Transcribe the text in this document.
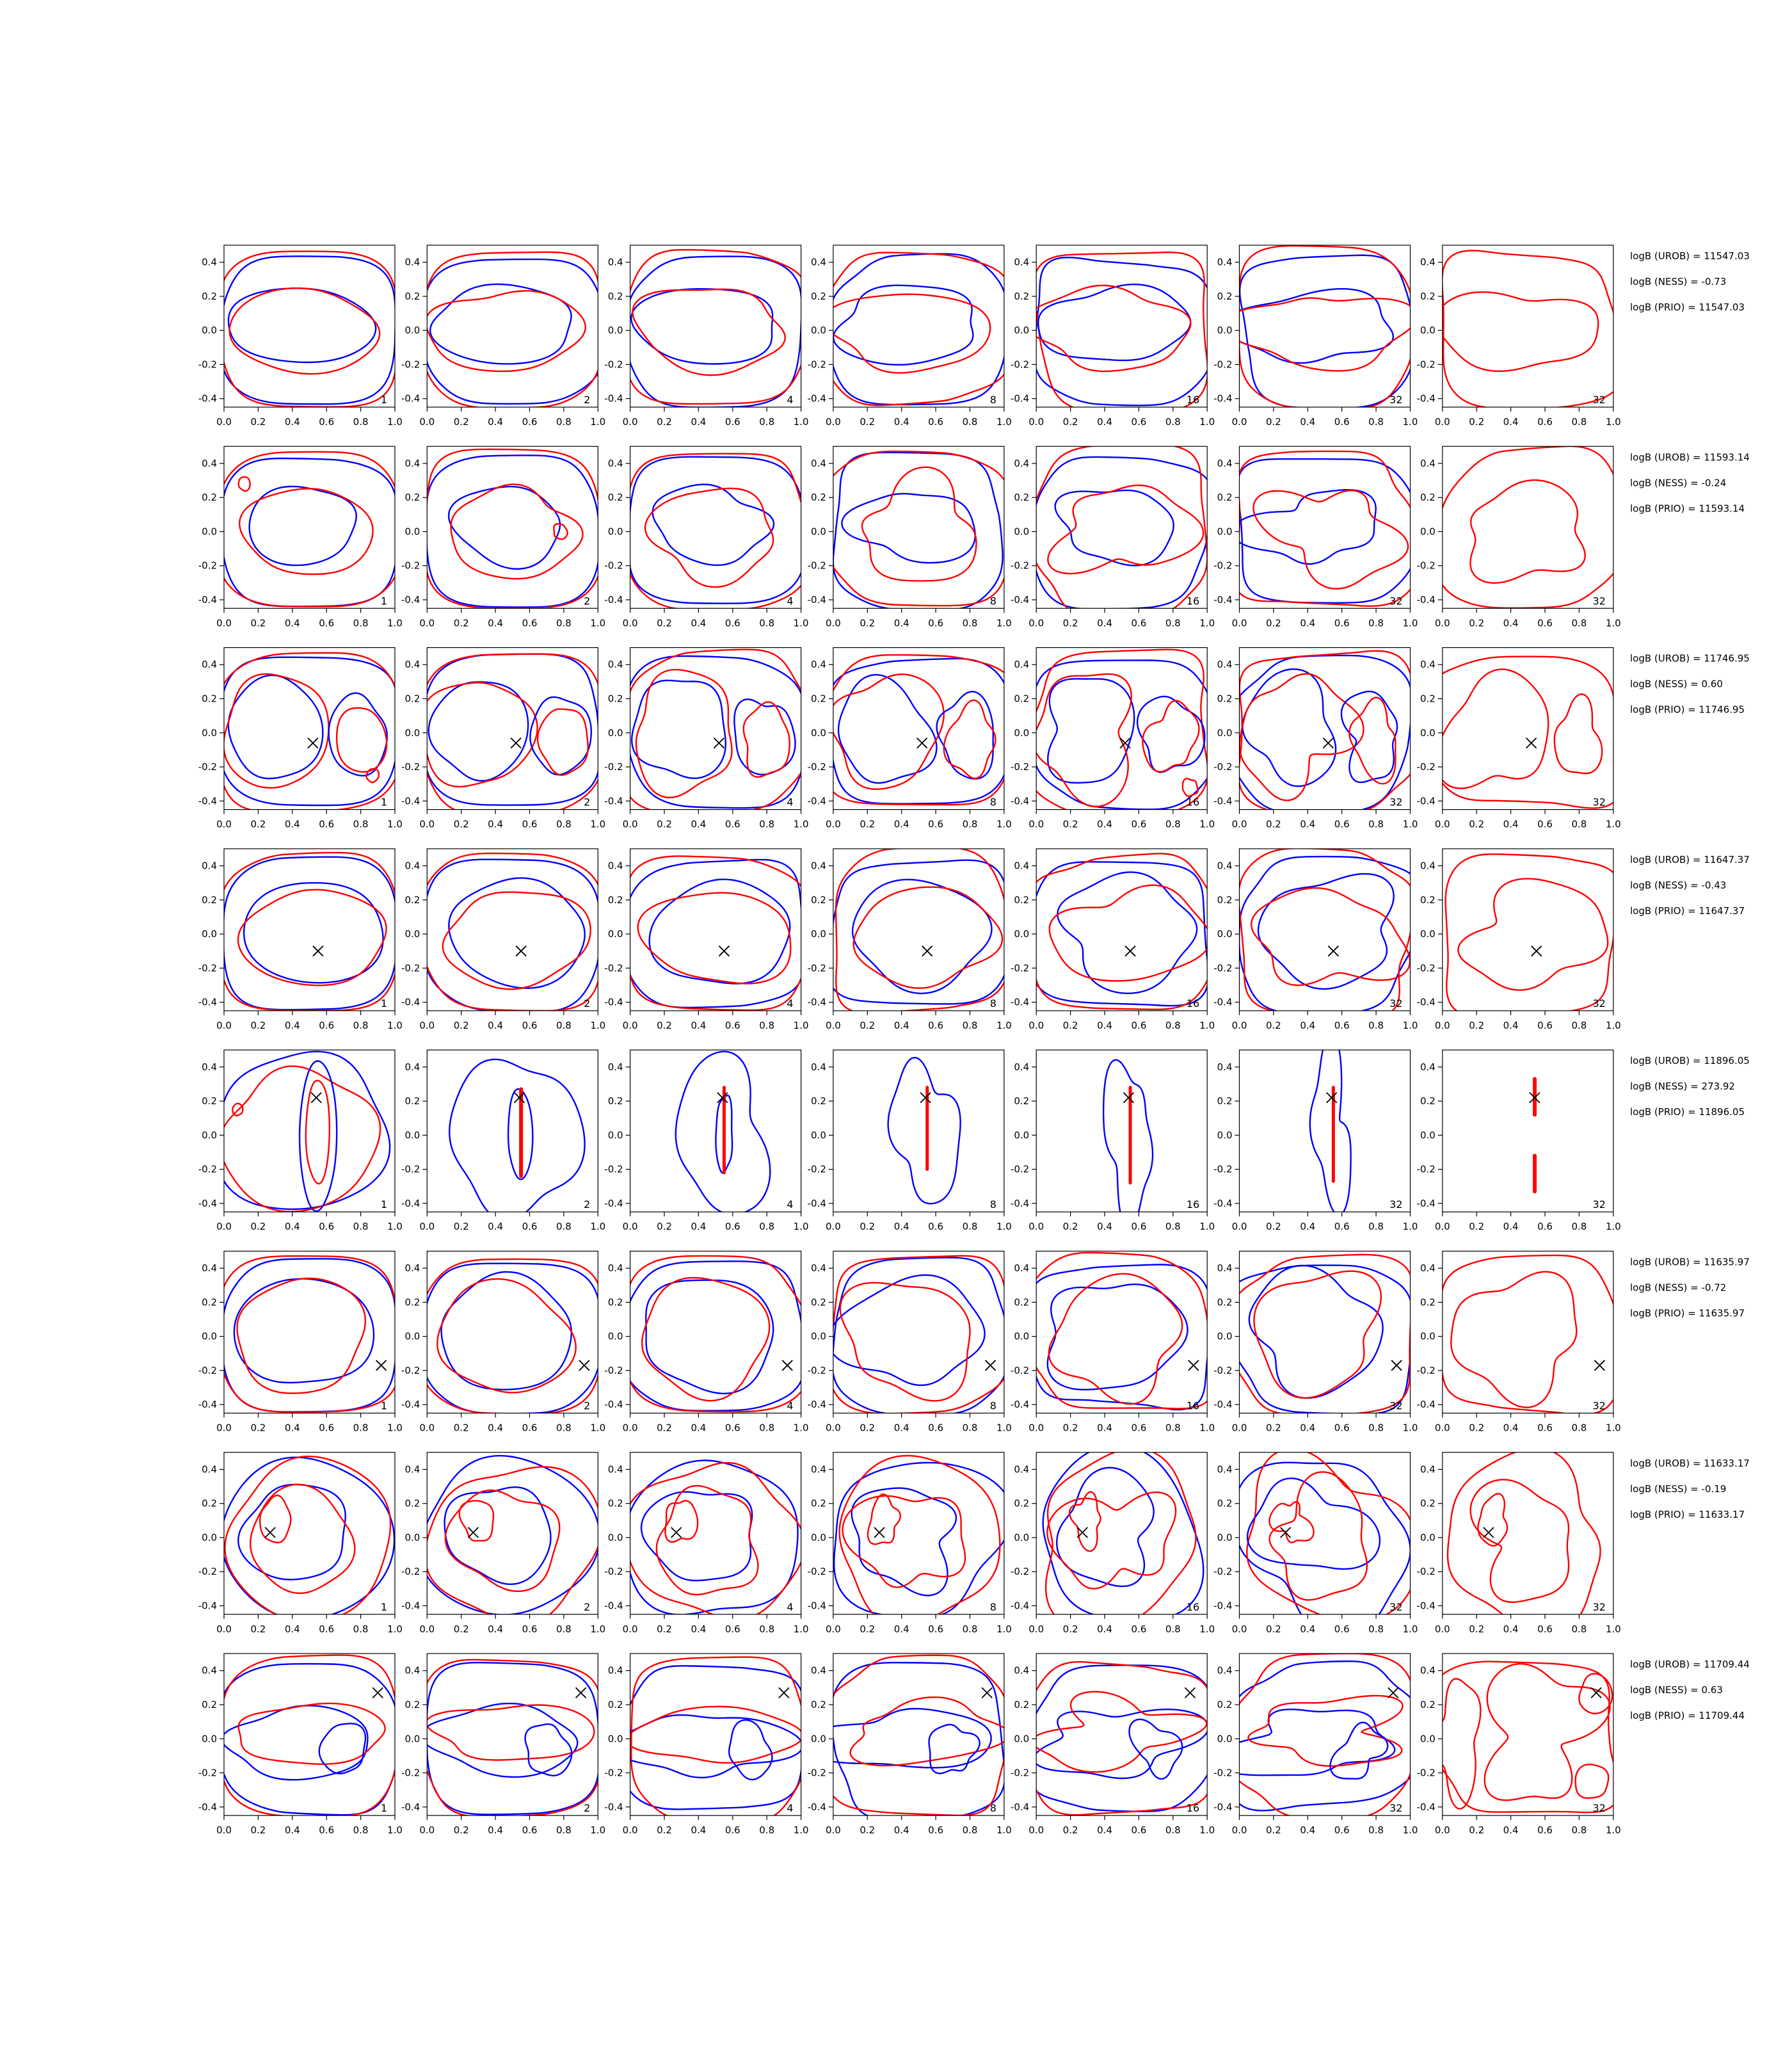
0.0 0.2 0.4 0.6 0.8 1.0
0.4
0.2
0.0
-0.2
-0.4	1
0.0 0.2 0.4 0.6 0.8 1.0
0.4
0.2
0.0
-0.2
-0.4	2
0.0 0.2 0.4 0.6 0.8 1.0
0.4
0.2
0.0
-0.2
-0.4	4
0.0 0.2 0.4 0.6 0.8 1.0
0.4
0.2
0.0
-0.2
-0.4	8
0.0 0.2 0.4 0.6 0.8 1.0
0.4
0.2
0.0
-0.2
-0.4	16
0.0 0.2 0.4 0.6 0.8 1.0
0.4
0.2
0.0
-0.2
-0.4	32
0.0 0.2 0.4 0.6 0.8 1.0
0.4
0.2
0.0
-0.2
-0.4	32
logB (UROB) = 11547.03
logB (NESS) = -0.73
logB (PRIO) = 11547.03
0.0 0.2 0.4 0.6 0.8 1.0
0.4
0.2
0.0
-0.2
-0.4	1
0.0 0.2 0.4 0.6 0.8 1.0
0.4
0.2
0.0
-0.2
-0.4	2
0.0 0.2 0.4 0.6 0.8 1.0
0.4
0.2
0.0
-0.2
-0.4	4
0.0 0.2 0.4 0.6 0.8 1.0
0.4
0.2
0.0
-0.2
-0.4	8
0.0 0.2 0.4 0.6 0.8 1.0
0.4
0.2
0.0
-0.2
-0.4	16
0.0 0.2 0.4 0.6 0.8 1.0
0.4
0.2
0.0
-0.2
-0.4	32
0.0 0.2 0.4 0.6 0.8 1.0
0.4
0.2
0.0
-0.2
-0.4	32
logB (UROB) = 11593.14
logB (NESS) = -0.24
logB (PRIO) = 11593.14
0.0 0.2 0.4 0.6 0.8 1.0
0.4
0.2
0.0
-0.2
-0.4	1
0.0 0.2 0.4 0.6 0.8 1.0
0.4
0.2
0.0
-0.2
-0.4	2
0.0 0.2 0.4 0.6 0.8 1.0
0.4
0.2
0.0
-0.2
-0.4	4
0.0 0.2 0.4 0.6 0.8 1.0
0.4
0.2
0.0
-0.2
-0.4	8
0.0 0.2 0.4 0.6 0.8 1.0
0.4
0.2
0.0
-0.2
-0.4	16
0.0 0.2 0.4 0.6 0.8 1.0
0.4
0.2
0.0
-0.2
-0.4	32
0.0 0.2 0.4 0.6 0.8 1.0
0.4
0.2
0.0
-0.2
-0.4	32
logB (UROB) = 11746.95
logB (NESS) = 0.60
logB (PRIO) = 11746.95
0.0 0.2 0.4 0.6 0.8 1.0
0.4
0.2
0.0
-0.2
-0.4	1
0.0 0.2 0.4 0.6 0.8 1.0
0.4
0.2
0.0
-0.2
-0.4	2
0.0 0.2 0.4 0.6 0.8 1.0
0.4
0.2
0.0
-0.2
-0.4	4
0.0 0.2 0.4 0.6 0.8 1.0
0.4
0.2
0.0
-0.2
-0.4	8
0.0 0.2 0.4 0.6 0.8 1.0
0.4
0.2
0.0
-0.2
-0.4	16
0.0 0.2 0.4 0.6 0.8 1.0
0.4
0.2
0.0
-0.2
-0.4	32
0.0 0.2 0.4 0.6 0.8 1.0
0.4
0.2
0.0
-0.2
-0.4	32
logB (UROB) = 11647.37
logB (NESS) = -0.43
logB (PRIO) = 11647.37
0.0 0.2 0.4 0.6 0.8 1.0
0.4
0.2
0.0
-0.2
-0.4	1
0.0 0.2 0.4 0.6 0.8 1.0
0.4
0.2
0.0
-0.2
-0.4	2
0.0 0.2 0.4 0.6 0.8 1.0
0.4
0.2
0.0
-0.2
-0.4	4
0.0 0.2 0.4 0.6 0.8 1.0
0.4
0.2
0.0
-0.2
-0.4	8
0.0 0.2 0.4 0.6 0.8 1.0
0.4
0.2
0.0
-0.2
-0.4	16
0.0 0.2 0.4 0.6 0.8 1.0
0.4
0.2
0.0
-0.2
-0.4	32
0.0 0.2 0.4 0.6 0.8 1.0
0.4
0.2
0.0
-0.2
-0.4	32
logB (UROB) = 11896.05
logB (NESS) = 273.92
logB (PRIO) = 11896.05
0.0 0.2 0.4 0.6 0.8 1.0
0.4
0.2
0.0
-0.2
-0.4	1
0.0 0.2 0.4 0.6 0.8 1.0
0.4
0.2
0.0
-0.2
-0.4	2
0.0 0.2 0.4 0.6 0.8 1.0
0.4
0.2
0.0
-0.2
-0.4	4
0.0 0.2 0.4 0.6 0.8 1.0
0.4
0.2
0.0
-0.2
-0.4	8
0.0 0.2 0.4 0.6 0.8 1.0
0.4
0.2
0.0
-0.2
-0.4	16
0.0 0.2 0.4 0.6 0.8 1.0
0.4
0.2
0.0
-0.2
-0.4	32
0.0 0.2 0.4 0.6 0.8 1.0
0.4
0.2
0.0
-0.2
-0.4	32
logB (UROB) = 11635.97
logB (NESS) = -0.72
logB (PRIO) = 11635.97
0.0 0.2 0.4 0.6 0.8 1.0
0.4
0.2
0.0
-0.2
-0.4	1
0.0 0.2 0.4 0.6 0.8 1.0
0.4
0.2
0.0
-0.2
-0.4	2
0.0 0.2 0.4 0.6 0.8 1.0
0.4
0.2
0.0
-0.2
-0.4	4
0.0 0.2 0.4 0.6 0.8 1.0
0.4
0.2
0.0
-0.2
-0.4	8
0.0 0.2 0.4 0.6 0.8 1.0
0.4
0.2
0.0
-0.2
-0.4	16
0.0 0.2 0.4 0.6 0.8 1.0
0.4
0.2
0.0
-0.2
-0.4	32
0.0 0.2 0.4 0.6 0.8 1.0
0.4
0.2
0.0
-0.2
-0.4	32
logB (UROB) = 11633.17
logB (NESS) = -0.19
logB (PRIO) = 11633.17
0.0 0.2 0.4 0.6 0.8 1.0
0.4
0.2
0.0
-0.2
-0.4	1
0.0 0.2 0.4 0.6 0.8 1.0
0.4
0.2
0.0
-0.2
-0.4	2
0.0 0.2 0.4 0.6 0.8 1.0
0.4
0.2
0.0
-0.2
-0.4	4
0.0 0.2 0.4 0.6 0.8 1.0
0.4
0.2
0.0
-0.2
-0.4	8
0.0 0.2 0.4 0.6 0.8 1.0
0.4
0.2
0.0
-0.2
-0.4	16
0.0 0.2 0.4 0.6 0.8 1.0
0.4
0.2
0.0
-0.2
-0.4	32
0.0 0.2 0.4 0.6 0.8 1.0
0.4
0.2
0.0
-0.2
-0.4	32
logB (UROB) = 11709.44
logB (NESS) = 0.63
logB (PRIO) = 11709.44
